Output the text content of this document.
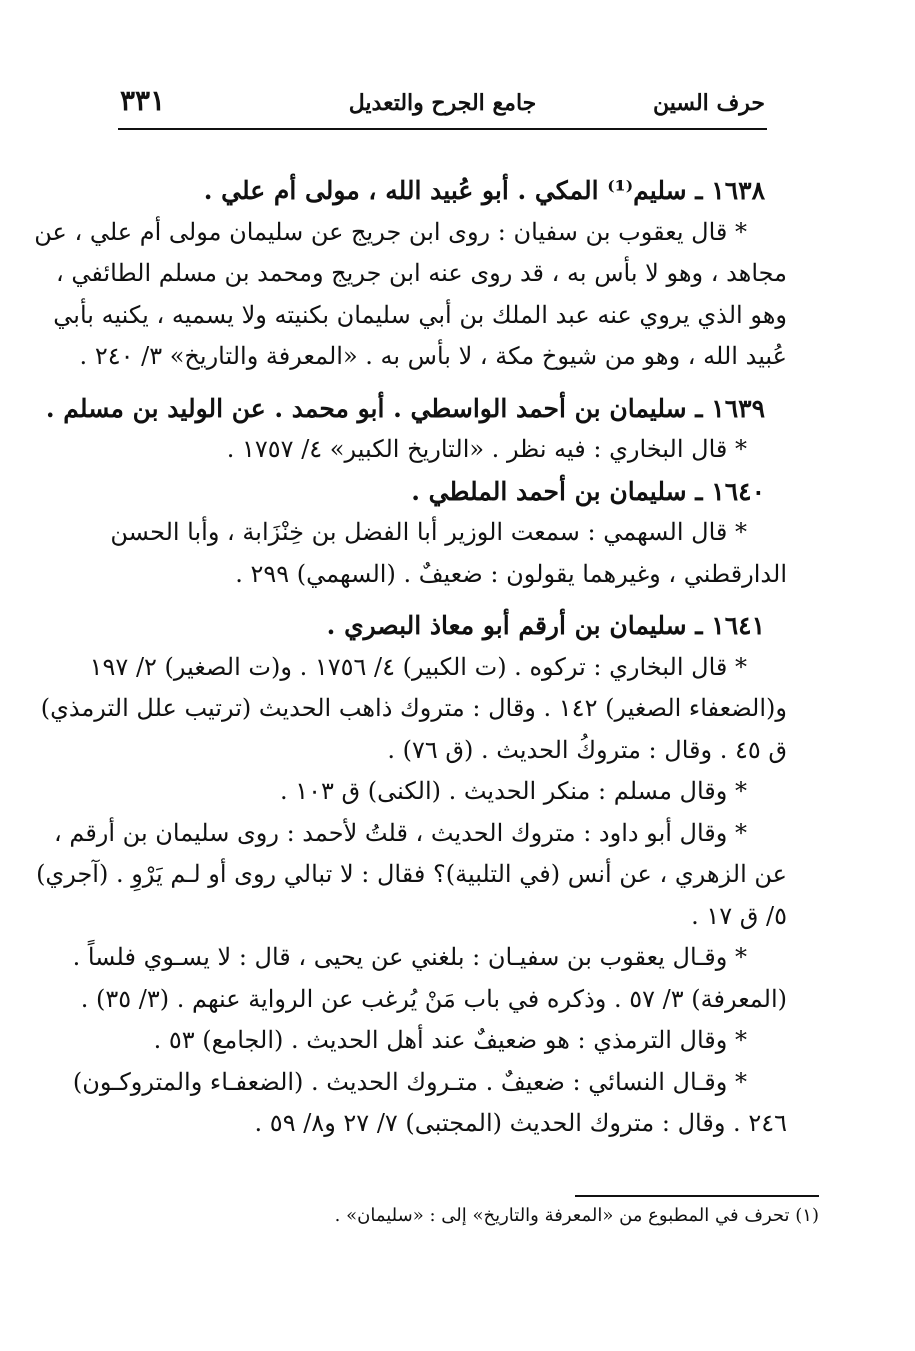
حرف السين
جامع الجرح والتعديل
٣٣١
١٦٣٨ ـ سليم⁽¹⁾ المكي . أبو عُبيد الله ، مولى أم علي .
* قال يعقوب بن سفيان : روى ابن جريج عن سليمان مولى أم علي ، عن
مجاهد ، وهو لا بأس به ، قد روى عنه ابن جريج ومحمد بن مسلم الطائفي ،
وهو الذي يروي عنه عبد الملك بن أبي سليمان بكنيته ولا يسميه ، يكنيه بأبي
عُبيد الله ، وهو من شيوخ مكة ، لا بأس به . «المعرفة والتاريخ» ٣/ ٢٤٠ .
١٦٣٩ ـ سليمان بن أحمد الواسطي . أبو محمد . عن الوليد بن مسلم .
* قال البخاري : فيه نظر . «التاريخ الكبير» ٤/ ١٧٥٧ .
١٦٤٠ ـ سليمان بن أحمد الملطي .
* قال السهمي : سمعت الوزير أبا الفضل بن خِنْزَابة ، وأبا الحسن
الدارقطني ، وغيرهما يقولون : ضعيفٌ . (السهمي) ٢٩٩ .
١٦٤١ ـ سليمان بن أرقم أبو معاذ البصري .
* قال البخاري : تركوه . (ت الكبير) ٤/ ١٧٥٦ . و(ت الصغير) ٢/ ١٩٧
و(الضعفاء الصغير) ١٤٢ . وقال : متروك ذاهب الحديث (ترتيب علل الترمذي)
ق ٤٥ . وقال : متروكُ الحديث . (ق ٧٦) .
* وقال مسلم : منكر الحديث . (الكنى) ق ١٠٣ .
* وقال أبو داود : متروك الحديث ، قلتُ لأحمد : روى سليمان بن أرقم ،
عن الزهري ، عن أنس (في التلبية)؟ فقال : لا تبالي روى أو لـم يَرْوِ . (آجري)
٥/ ق ١٧ .
* وقـال يعقوب بن سفيـان : بلغني عن يحيى ، قال : لا يسـوي فلساً .
(المعرفة) ٣/ ٥٧ . وذكره في باب مَنْ يُرغب عن الرواية عنهم . (٣/ ٣٥) .
* وقال الترمذي : هو ضعيفٌ عند أهل الحديث . (الجامع) ٥٣ .
* وقـال النسائي : ضعيفٌ . متـروك الحديث . (الضعفـاء والمتروكـون)
٢٤٦ . وقال : متروك الحديث (المجتبى) ٧/ ٢٧ و٨/ ٥٩ .
(١) تحرف في المطبوع من «المعرفة والتاريخ» إلى : «سليمان» .
